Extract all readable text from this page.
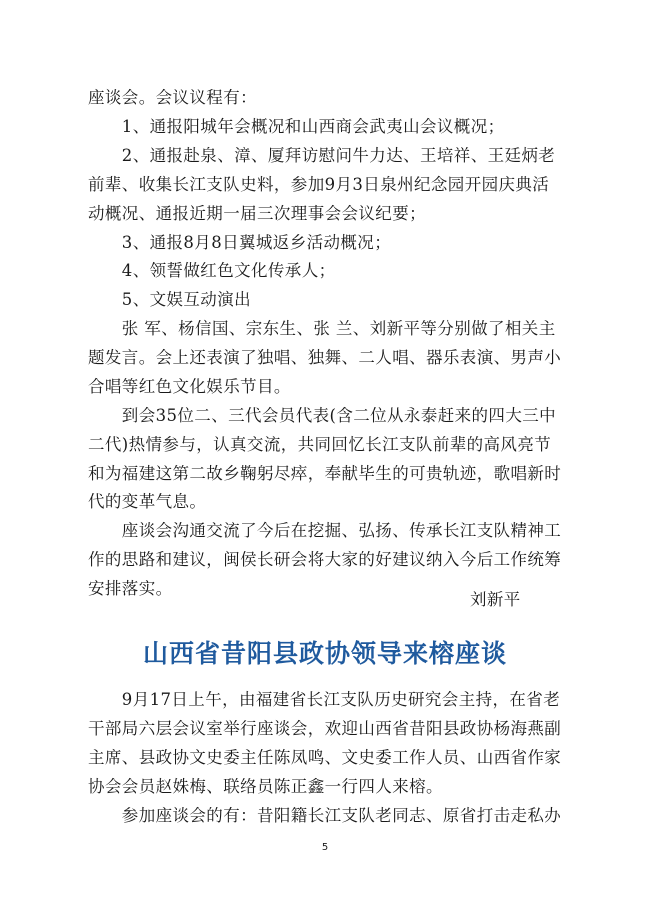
座谈会。会议议程有：
　　1、通报阳城年会概况和山西商会武夷山会议概况；
　　2、通报赴泉、漳、厦拜访慰问牛力达、王培祥、王廷炳老
前辈、收集长江支队史料，参加9月3日泉州纪念园开园庆典活
动概况、通报近期一届三次理事会会议纪要；
　　3、通报8月8日翼城返乡活动概况；
　　4、领誓做红色文化传承人；
　　5、文娱互动演出
　　张 军、杨信国、宗东生、张 兰、刘新平等分别做了相关主
题发言。会上还表演了独唱、独舞、二人唱、器乐表演、男声小
合唱等红色文化娱乐节目。
　　到会35位二、三代会员代表(含二位从永泰赶来的四大三中
二代)热情参与，认真交流，共同回忆长江支队前辈的高风亮节
和为福建这第二故乡鞠躬尽瘁，奉献毕生的可贵轨迹，歌唱新时
代的变革气息。
　　座谈会沟通交流了今后在挖掘、弘扬、传承长江支队精神工
作的思路和建议，闽侯长研会将大家的好建议纳入今后工作统筹
安排落实。
刘新平
山西省昔阳县政协领导来榕座谈
　　9月17日上午，由福建省长江支队历史研究会主持，在省老
干部局六层会议室举行座谈会，欢迎山西省昔阳县政协杨海燕副
主席、县政协文史委主任陈凤鸣、文史委工作人员、山西省作家
协会会员赵姝梅、联络员陈正鑫一行四人来榕。
　　参加座谈会的有：昔阳籍长江支队老同志、原省打击走私办
5
